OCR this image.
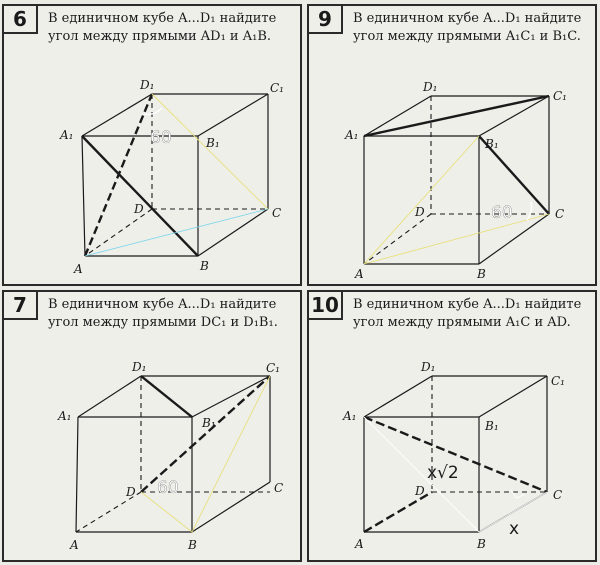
6	В единичном кубе A...D₁ найдите угол между прямыми AD₁ и A₁B.
60
D₁	C₁
A₁
B₁
D	C
A	B
9	В единичном кубе A...D₁ найдите угол между прямыми A₁C₁ и B₁C.
60
D₁
C₁
A₁
B₁
D	C
A	B
7	В единичном кубе A...D₁ найдите угол между прямыми DC₁ и D₁B₁.
60
D₁	C₁
A₁	B₁
D	C
A	B
10	В единичном кубе A...D₁ найдите угол между прямыми A₁C и AD.
x√2
x
D₁
C₁
A₁
B₁
D	C
A	B
